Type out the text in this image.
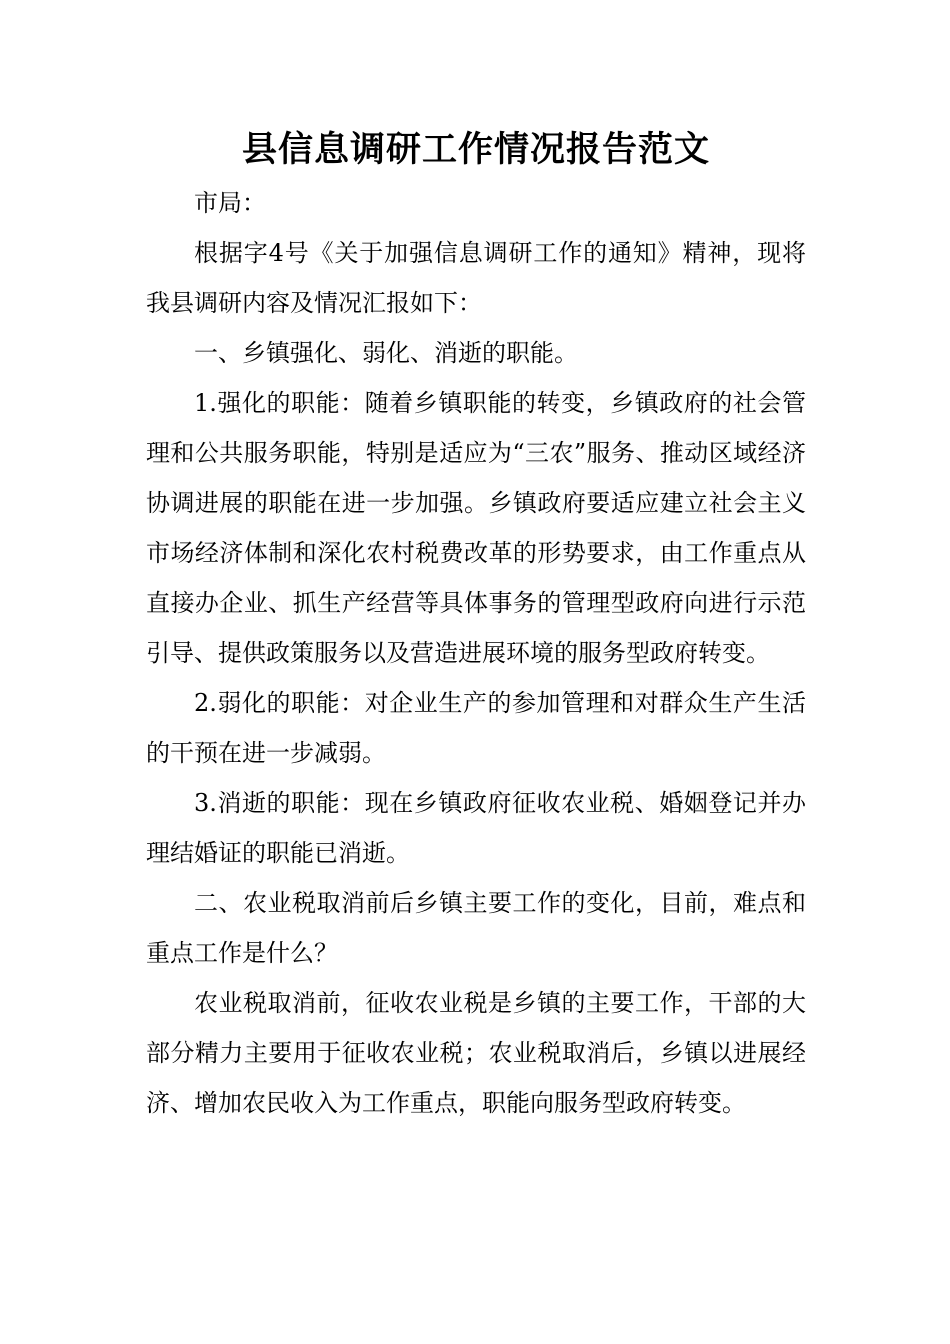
县信息调研工作情况报告范文

市局：

根据字4号《关于加强信息调研工作的通知》精神，现将我县调研内容及情况汇报如下：

一、乡镇强化、弱化、消逝的职能。

1.强化的职能：随着乡镇职能的转变，乡镇政府的社会管理和公共服务职能，特别是适应为“三农”服务、推动区域经济协调进展的职能在进一步加强。乡镇政府要适应建立社会主义市场经济体制和深化农村税费改革的形势要求，由工作重点从直接办企业、抓生产经营等具体事务的管理型政府向进行示范引导、提供政策服务以及营造进展环境的服务型政府转变。

2.弱化的职能：对企业生产的参加管理和对群众生产生活的干预在进一步减弱。

3.消逝的职能：现在乡镇政府征收农业税、婚姻登记并办理结婚证的职能已消逝。

二、农业税取消前后乡镇主要工作的变化，目前，难点和重点工作是什么？

农业税取消前，征收农业税是乡镇的主要工作，干部的大部分精力主要用于征收农业税；农业税取消后，乡镇以进展经济、增加农民收入为工作重点，职能向服务型政府转变。
